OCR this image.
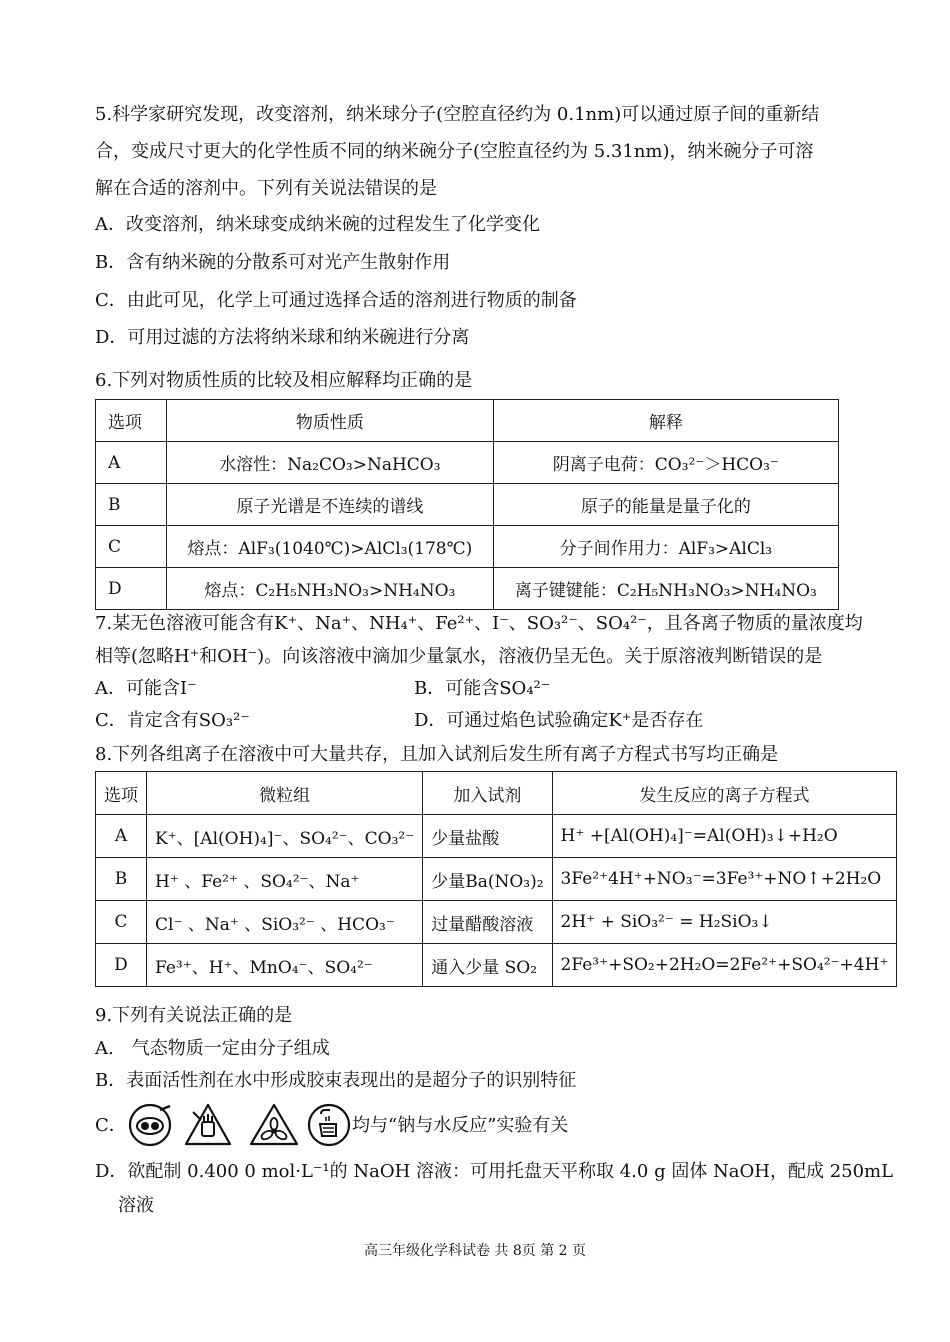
5.科学家研究发现，改变溶剂，纳米球分子(空腔直径约为 0.1nm)可以通过原子间的重新结
合，变成尺寸更大的化学性质不同的纳米碗分子(空腔直径约为 5.31nm)，纳米碗分子可溶
解在合适的溶剂中。下列有关说法错误的是
A．改变溶剂，纳米球变成纳米碗的过程发生了化学变化
B．含有纳米碗的分散系可对光产生散射作用
C．由此可见，化学上可通过选择合适的溶剂进行物质的制备
D．可用过滤的方法将纳米球和纳米碗进行分离
6.下列对物质性质的比较及相应解释均正确的是
选项	物质性质	解释
A	水溶性：Na₂CO₃>NaHCO₃	阴离子电荷：CO₃²⁻＞HCO₃⁻
B	原子光谱是不连续的谱线	原子的能量是量子化的
C	熔点：AlF₃(1040℃)>AlCl₃(178℃)	分子间作用力：AlF₃>AlCl₃
D	熔点：C₂H₅NH₃NO₃>NH₄NO₃	离子键键能：C₂H₅NH₃NO₃>NH₄NO₃
7.某无色溶液可能含有K⁺、Na⁺、NH₄⁺、Fe²⁺、I⁻、SO₃²⁻、SO₄²⁻，且各离子物质的量浓度均
相等(忽略H⁺和OH⁻)。向该溶液中滴加少量氯水，溶液仍呈无色。关于原溶液判断错误的是
A．可能含I⁻	B．可能含SO₄²⁻
C．肯定含有SO₃²⁻	D．可通过焰色试验确定K⁺是否存在
8.下列各组离子在溶液中可大量共存，且加入试剂后发生所有离子方程式书写均正确是
选项	微粒组	加入试剂	发生反应的离子方程式
A	K⁺、[Al(OH)₄]⁻、SO₄²⁻、CO₃²⁻	少量盐酸	H⁺ +[Al(OH)₄]⁻=Al(OH)₃↓+H₂O
B	H⁺ 、Fe²⁺ 、SO₄²⁻、Na⁺	少量Ba(NO₃)₂	3Fe²⁺4H⁺+NO₃⁻=3Fe³⁺+NO↑+2H₂O
C	Cl⁻ 、Na⁺ 、SiO₃²⁻ 、HCO₃⁻	过量醋酸溶液	2H⁺ + SiO₃²⁻ = H₂SiO₃↓
D	Fe³⁺、H⁺、MnO₄⁻、SO₄²⁻	通入少量 SO₂	2Fe³⁺+SO₂+2H₂O=2Fe²⁺+SO₄²⁻+4H⁺
9.下列有关说法正确的是
A.　气态物质一定由分子组成
B．表面活性剂在水中形成胶束表现出的是超分子的识别特征
C．	均与“钠与水反应”实验有关
D．欲配制 0.400 0 mol·L⁻¹的 NaOH 溶液：可用托盘天平称取 4.0 g 固体 NaOH，配成 250mL
溶液
高三年级化学科试卷 共 8页 第 2 页
